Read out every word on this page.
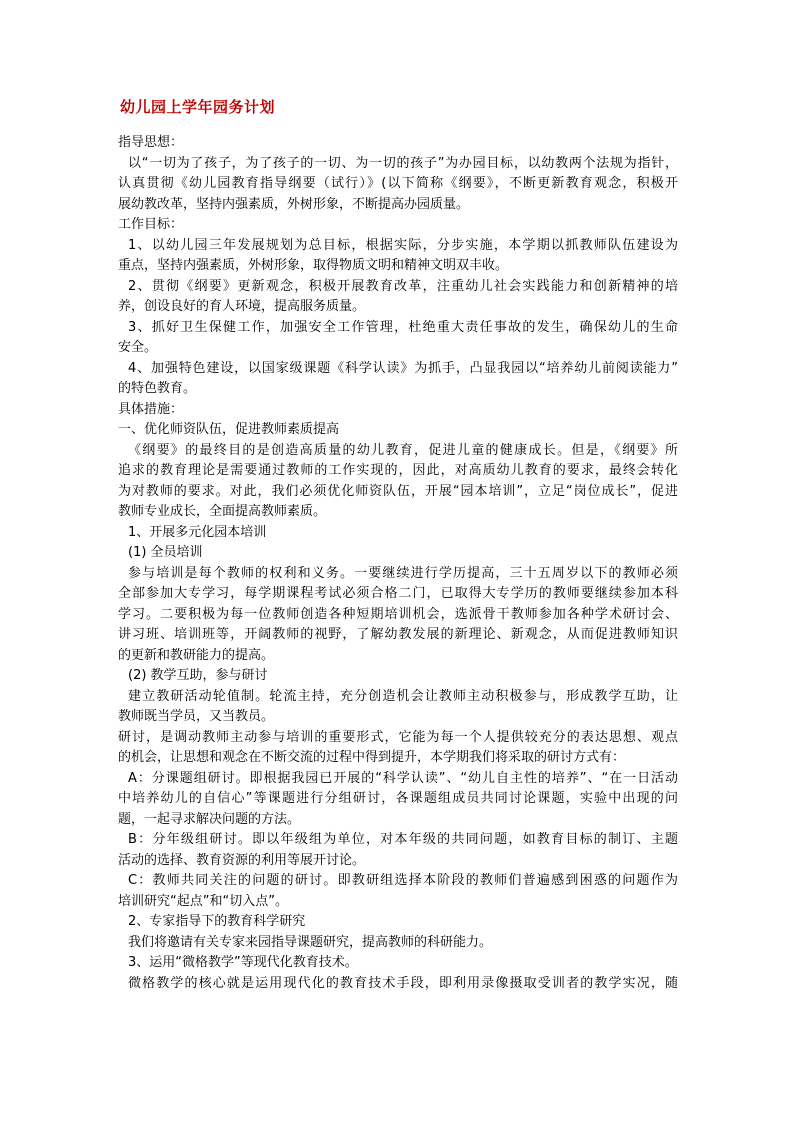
幼儿园上学年园务计划
指导思想：
以“一切为了孩子，为了孩子的一切、为一切的孩子”为办园目标，以幼教两个法规为指针，
认真贯彻《幼儿园教育指导纲要（试行）》(以下简称《纲要》，不断更新教育观念，积极开
展幼教改革，坚持内强素质，外树形象，不断提高办园质量。
工作目标：
1、以幼儿园三年发展规划为总目标，根据实际，分步实施，本学期以抓教师队伍建设为
重点，坚持内强素质，外树形象，取得物质文明和精神文明双丰收。
2、贯彻《纲要》更新观念，积极开展教育改革，注重幼儿社会实践能力和创新精神的培
养，创设良好的育人环境，提高服务质量。
3、抓好卫生保健工作，加强安全工作管理，杜绝重大责任事故的发生，确保幼儿的生命
安全。
4、加强特色建设，以国家级课题《科学认读》为抓手，凸显我园以“培养幼儿前阅读能力”
的特色教育。
具体措施：
一、优化师资队伍，促进教师素质提高
《纲要》的最终目的是创造高质量的幼儿教育，促进儿童的健康成长。但是，《纲要》所
追求的教育理论是需要通过教师的工作实现的，因此，对高质幼儿教育的要求，最终会转化
为对教师的要求。对此，我们必须优化师资队伍，开展“园本培训”，立足“岗位成长”，促进
教师专业成长，全面提高教师素质。
1、开展多元化园本培训
(1) 全员培训
参与培训是每个教师的权利和义务。一要继续进行学历提高，三十五周岁以下的教师必须
全部参加大专学习，每学期课程考试必须合格二门，已取得大专学历的教师要继续参加本科
学习。二要积极为每一位教师创造各种短期培训机会，选派骨干教师参加各种学术研讨会、
讲习班、培训班等，开阔教师的视野，了解幼教发展的新理论、新观念，从而促进教师知识
的更新和教研能力的提高。
(2) 教学互助，参与研讨
建立教研活动轮值制。轮流主持，充分创造机会让教师主动积极参与，形成教学互助，让
教师既当学员，又当教员。
研讨，是调动教师主动参与培训的重要形式，它能为每一个人提供较充分的表达思想、观点
的机会，让思想和观念在不断交流的过程中得到提升，本学期我们将采取的研讨方式有：
A：分课题组研讨。即根据我园已开展的“科学认读”、“幼儿自主性的培养”、“在一日活动
中培养幼儿的自信心”等课题进行分组研讨，各课题组成员共同讨论课题，实验中出现的问
题，一起寻求解决问题的方法。
B：分年级组研讨。即以年级组为单位，对本年级的共同问题，如教育目标的制订、主题
活动的选择、教育资源的利用等展开讨论。
C：教师共同关注的问题的研讨。即教研组选择本阶段的教师们普遍感到困惑的问题作为
培训研究“起点”和“切入点”。
2、专家指导下的教育科学研究
我们将邀请有关专家来园指导课题研究，提高教师的科研能力。
3、运用“微格教学”等现代化教育技术。
微格教学的核心就是运用现代化的教育技术手段，即利用录像摄取受训者的教学实况，随
